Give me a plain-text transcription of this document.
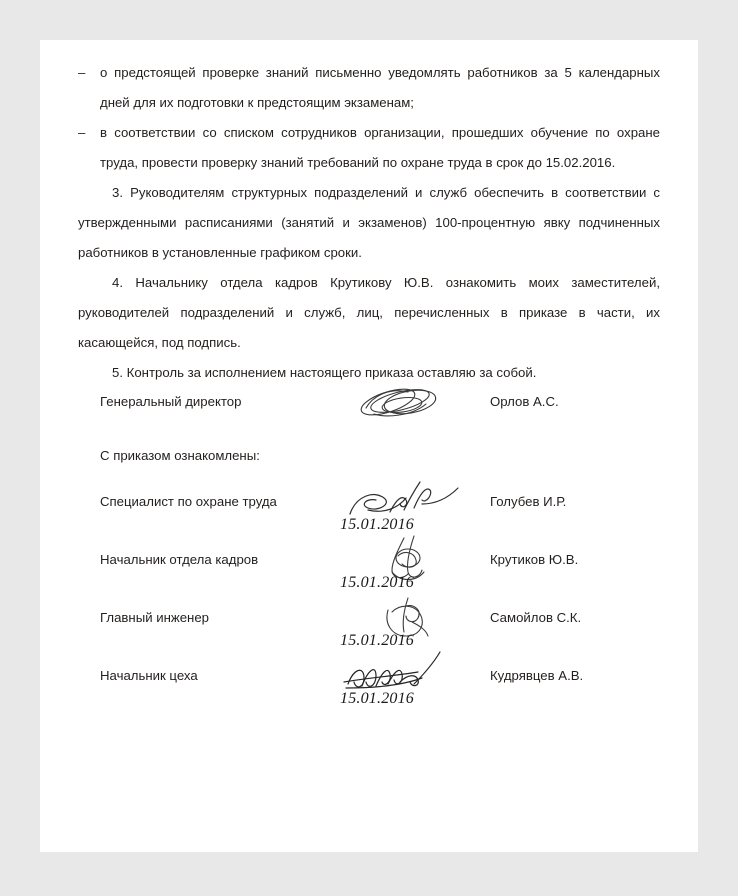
– о предстоящей проверке знаний письменно уведомлять работников за 5 календарных дней для их подготовки к предстоящим экзаменам;
– в соответствии со списком сотрудников организации, прошедших обучение по охране труда, провести проверку знаний требований по охране труда в срок до 15.02.2016.

3. Руководителям структурных подразделений и служб обеспечить в соответствии с утвержденными расписаниями (занятий и экзаменов) 100-процентную явку подчиненных работников в установленные графиком сроки.

4. Начальнику отдела кадров Крутикову Ю.В. ознакомить моих заместителей, руководителей подразделений и служб, лиц, перечисленных в приказе в части, их касающейся, под подпись.

5. Контроль за исполнением настоящего приказа оставляю за собой.

Генеральный директор	Орлов А.С.
С приказом ознакомлены:
Специалист по охране труда	Голубев И.Р.
15.01.2016
Начальник отдела кадров	Крутиков Ю.В.
15.01.2016
Главный инженер	Самойлов С.К.
15.01.2016
Начальник цеха	Кудрявцев А.В.
15.01.2016
